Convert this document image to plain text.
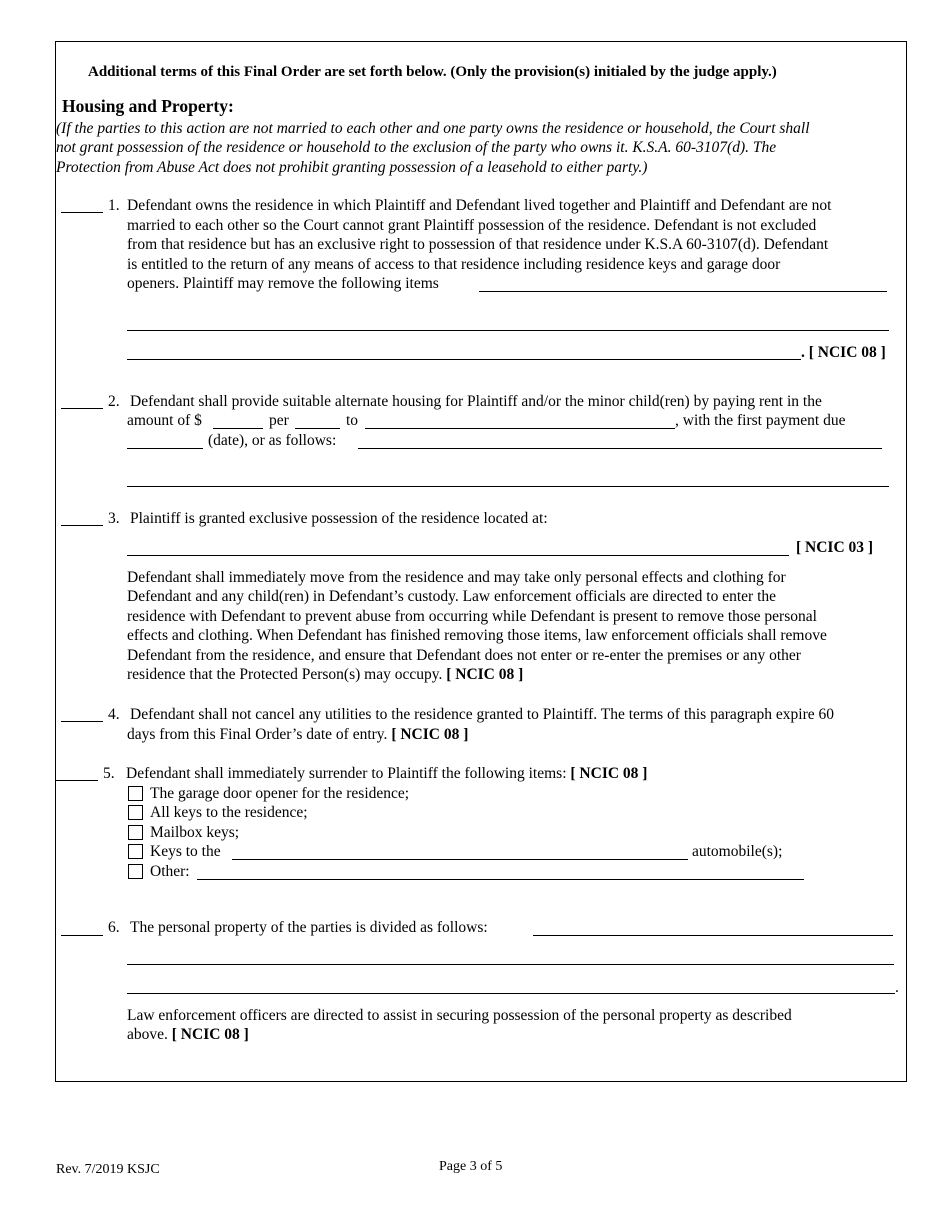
Additional terms of this Final Order are set forth below. (Only the provision(s) initialed by the judge apply.)
Housing and Property:
(If the parties to this action are not married to each other and one party owns the residence or household, the Court shall
not grant possession of the residence or household to the exclusion of the party who owns it. K.S.A. 60-3107(d). The
Protection from Abuse Act does not prohibit granting possession of a leasehold to either party.)
1. Defendant owns the residence in which Plaintiff and Defendant lived together and Plaintiff and Defendant are not
married to each other so the Court cannot grant Plaintiff possession of the residence. Defendant is not excluded
from that residence but has an exclusive right to possession of that residence under K.S.A 60-3107(d). Defendant
is entitled to the return of any means of access to that residence including residence keys and garage door
openers. Plaintiff may remove the following items
. [ NCIC 08 ]
2. Defendant shall provide suitable alternate housing for Plaintiff and/or the minor child(ren) by paying rent in the
amount of $	per	to	, with the first payment due
(date), or as follows:
3. Plaintiff is granted exclusive possession of the residence located at:
[ NCIC 03 ]
Defendant shall immediately move from the residence and may take only personal effects and clothing for
Defendant and any child(ren) in Defendant’s custody. Law enforcement officials are directed to enter the
residence with Defendant to prevent abuse from occurring while Defendant is present to remove those personal
effects and clothing. When Defendant has finished removing those items, law enforcement officials shall remove
Defendant from the residence, and ensure that Defendant does not enter or re-enter the premises or any other
residence that the Protected Person(s) may occupy. [ NCIC 08 ]
4. Defendant shall not cancel any utilities to the residence granted to Plaintiff. The terms of this paragraph expire 60
days from this Final Order’s date of entry. [ NCIC 08 ]
5. Defendant shall immediately surrender to Plaintiff the following items: [ NCIC 08 ]
The garage door opener for the residence;
All keys to the residence;
Mailbox keys;
Keys to the	automobile(s);
Other:
6. The personal property of the parties is divided as follows:
.
Law enforcement officers are directed to assist in securing possession of the personal property as described
above. [ NCIC 08 ]
Rev. 7/2019 KSJC	Page 3 of 5
